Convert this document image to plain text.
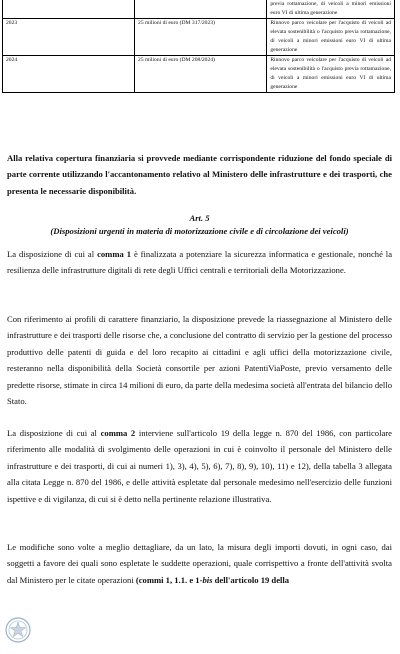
		previa rottamazione, di veicoli a minori emissioni euro VI di ultima generazione
2023	25 milioni di euro (DM 317/2023)	Rinnovo parco veicolare per l'acquisto di veicoli ad elevata sostenibilità o l'acquisto previa rottamazione, di veicoli a minori emissioni euro VI di ultima generazione
2024	25 milioni di euro (DM 208/2024)	Rinnovo parco veicolare per l'acquisto di veicoli ad elevata sostenibilità o l'acquisto previa rottamazione, di veicoli a minori emissioni euro VI di ultima generazione

Alla relativa copertura finanziaria si provvede mediante corrispondente riduzione del fondo speciale di parte corrente utilizzando l'accantonamento relativo al Ministero delle infrastrutture e dei trasporti, che presenta le necessarie disponibilità.

Art. 5

(Disposizioni urgenti in materia di motorizzazione civile e di circolazione dei veicoli)

La disposizione di cui al comma 1 è finalizzata a potenziare la sicurezza informatica e gestionale, nonché la resilienza delle infrastrutture digitali di rete degli Uffici centrali e territoriali della Motorizzazione.

Con riferimento ai profili di carattere finanziario, la disposizione prevede la riassegnazione al Ministero delle infrastrutture e dei trasporti delle risorse che, a conclusione del contratto di servizio per la gestione del processo produttivo delle patenti di guida e del loro recapito ai cittadini e agli uffici della motorizzazione civile, resteranno nella disponibilità della Società consortile per azioni PatentiViaPoste, previo versamento delle predette risorse, stimate in circa 14 milioni di euro, da parte della medesima società all'entrata del bilancio dello Stato.

La disposizione di cui al comma 2 interviene sull'articolo 19 della legge n. 870 del 1986, con particolare riferimento alle modalità di svolgimento delle operazioni in cui è coinvolto il personale del Ministero delle infrastrutture e dei trasporti, di cui ai numeri 1), 3), 4), 5), 6), 7), 8), 9), 10), 11) e 12), della tabella 3 allegata alla citata Legge n. 870 del 1986, e delle attività espletate dal personale medesimo nell'esercizio delle funzioni ispettive e di vigilanza, di cui si è detto nella pertinente relazione illustrativa.

Le modifiche sono volte a meglio dettagliare, da un lato, la misura degli importi dovuti, in ogni caso, dai soggetti a favore dei quali sono espletate le suddette operazioni, quale corrispettivo a fronte dell'attività svolta dal Ministero per le citate operazioni (commi 1, 1.1. e 1-bis dell'articolo 19 della
